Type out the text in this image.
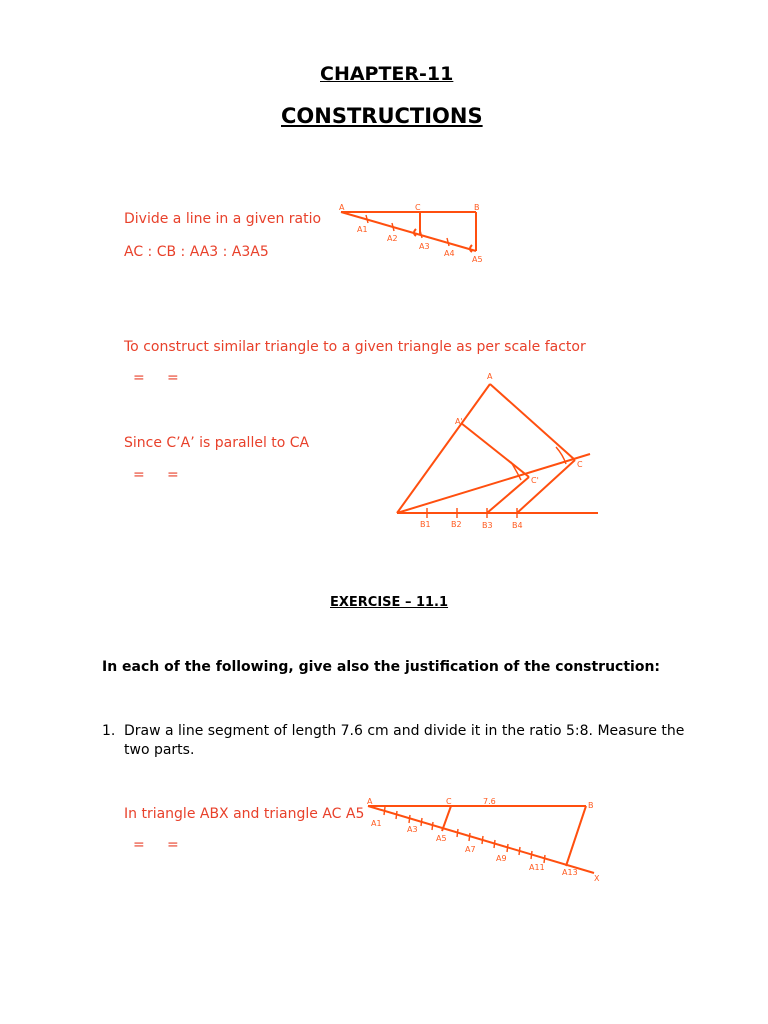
CHAPTER-11
CONSTRUCTIONS
Divide a line in a given ratio
AC : CB : AA3 : A3A5
A	C	B
A1
A2
A3
A4
A5
To construct similar triangle to a given triangle as per scale factor
=     =
Since C’A’ is parallel to CA
=     =
A
A'
C
C'
B1	B2	B3 B4
EXERCISE – 11.1
In each of the following, give also the justification of the construction:
1. Draw a line segment of length 7.6 cm and divide it in the ratio 5:8. Measure the
two parts.
In triangle ABX and triangle AC A5
=     =
A	C	7.6	B
A1
A3
A5
A7
A9
A11
A13
X
